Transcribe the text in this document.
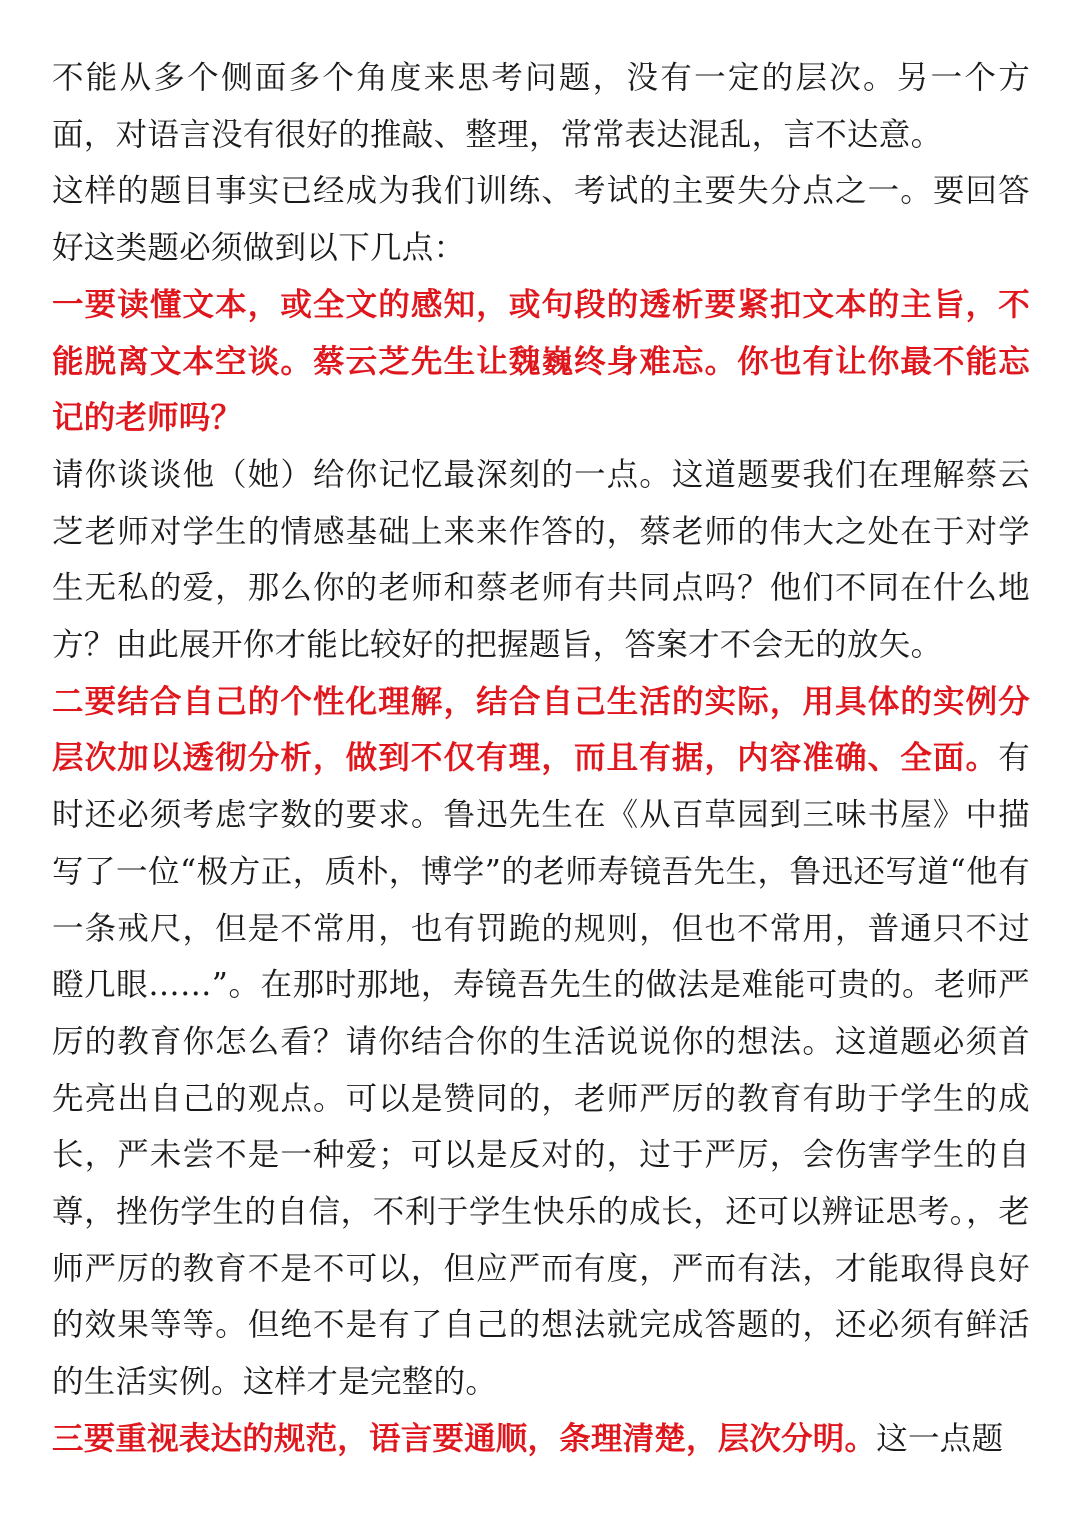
不能从多个侧面多个角度来思考问题，没有一定的层次。另一个方面，对语言没有很好的推敲、整理，常常表达混乱，言不达意。

这样的题目事实已经成为我们训练、考试的主要失分点之一。要回答好这类题必须做到以下几点：

一要读懂文本，或全文的感知，或句段的透析要紧扣文本的主旨，不能脱离文本空谈。蔡云芝先生让魏巍终身难忘。你也有让你最不能忘记的老师吗？

请你谈谈他（她）给你记忆最深刻的一点。这道题要我们在理解蔡云芝老师对学生的情感基础上来来作答的，蔡老师的伟大之处在于对学生无私的爱，那么你的老师和蔡老师有共同点吗？他们不同在什么地方？由此展开你才能比较好的把握题旨，答案才不会无的放矢。

二要结合自己的个性化理解，结合自己生活的实际，用具体的实例分层次加以透彻分析，做到不仅有理，而且有据，内容准确、全面。有时还必须考虑字数的要求。鲁迅先生在《从百草园到三味书屋》中描写了一位“极方正，质朴，博学”的老师寿镜吾先生，鲁迅还写道“他有一条戒尺，但是不常用，也有罚跪的规则，但也不常用，普通只不过瞪几眼……”。在那时那地，寿镜吾先生的做法是难能可贵的。老师严厉的教育你怎么看？请你结合你的生活说说你的想法。这道题必须首先亮出自己的观点。可以是赞同的，老师严厉的教育有助于学生的成长，严未尝不是一种爱；可以是反对的，过于严厉，会伤害学生的自尊，挫伤学生的自信，不利于学生快乐的成长，还可以辨证思考。，老师严厉的教育不是不可以，但应严而有度，严而有法，才能取得良好的效果等等。但绝不是有了自己的想法就完成答题的，还必须有鲜活的生活实例。这样才是完整的。

三要重视表达的规范，语言要通顺，条理清楚，层次分明。这一点题
